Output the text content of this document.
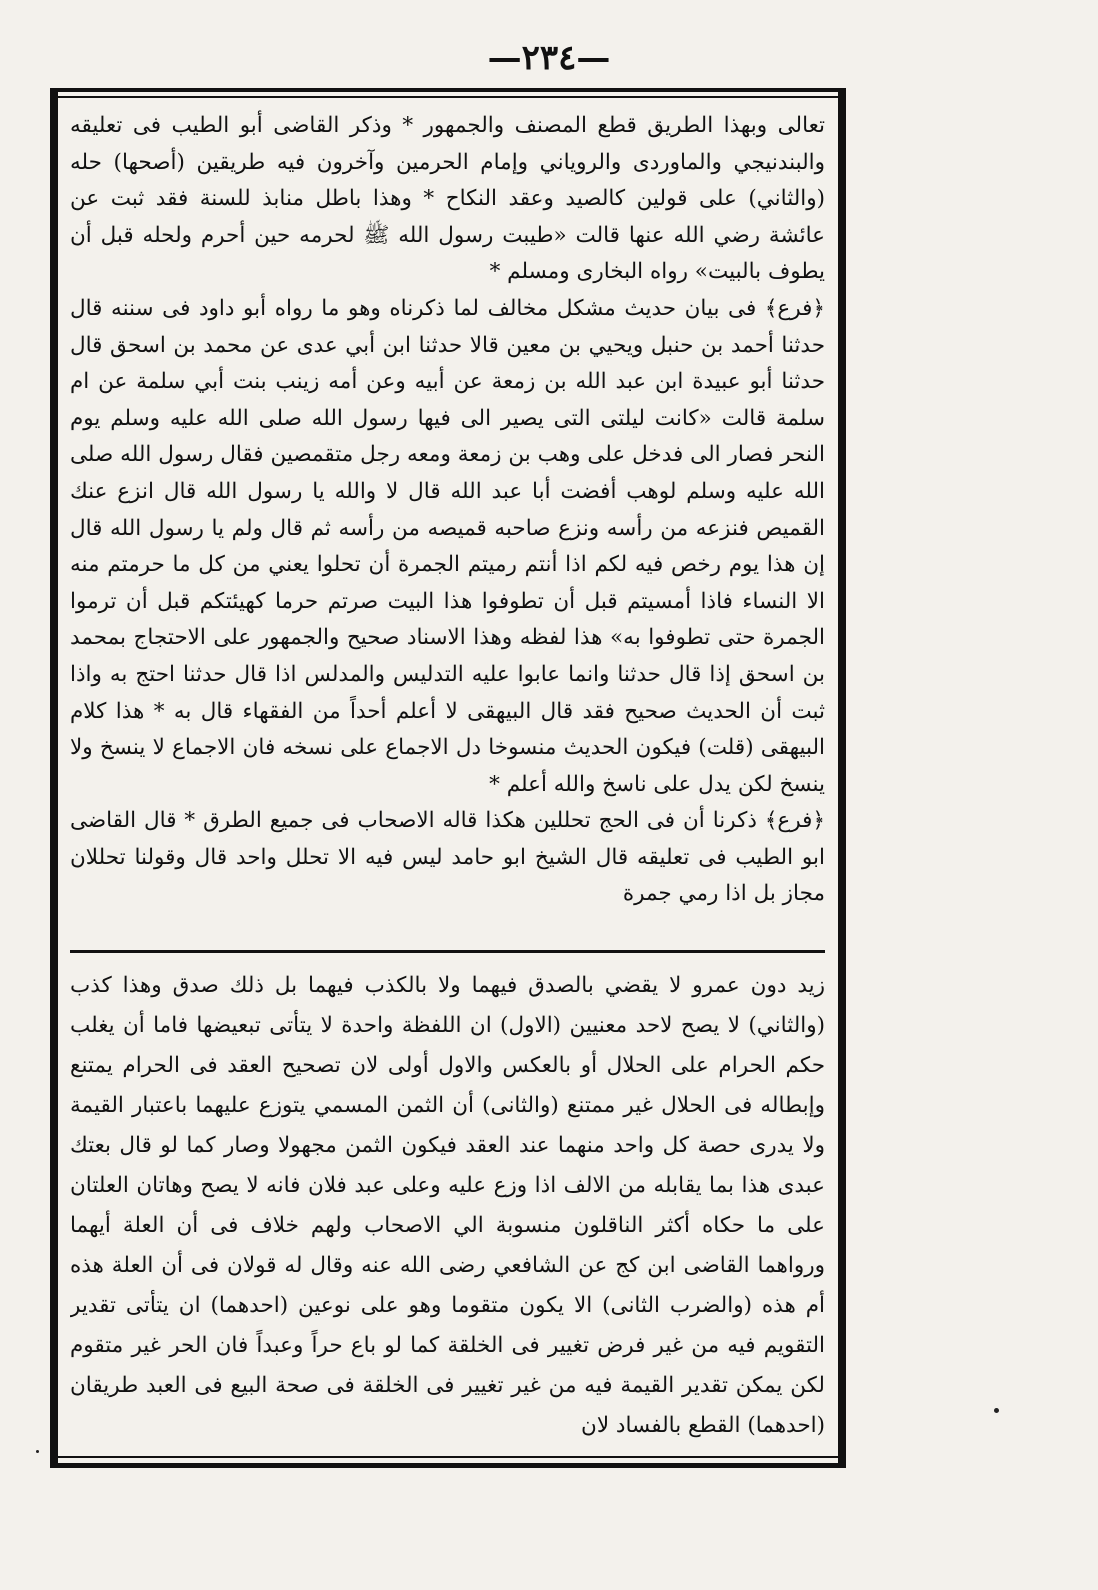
—٢٣٤—

تعالى وبهذا الطريق قطع المصنف والجمهور * وذكر القاضى أبو الطيب فى تعليقه والبندنيجي والماوردى والروياني وإمام الحرمين وآخرون فيه طريقين (أصحها) حله (والثاني) على قولين كالصيد وعقد النكاح * وهذا باطل منابذ للسنة فقد ثبت عن عائشة رضي الله عنها قالت «طيبت رسول الله ﷺ لحرمه حين أحرم ولحله قبل أن يطوف بالبيت» رواه البخارى ومسلم *

﴿فرع﴾ فى بيان حديث مشكل مخالف لما ذكرناه وهو ما رواه أبو داود فى سننه قال حدثنا أحمد بن حنبل ويحيي بن معين قالا حدثنا ابن أبي عدى عن محمد بن اسحق قال حدثنا أبو عبيدة ابن عبد الله بن زمعة عن أبيه وعن أمه زينب بنت أبي سلمة عن ام سلمة قالت «كانت ليلتى التى يصير الى فيها رسول الله صلى الله عليه وسلم يوم النحر فصار الى فدخل على وهب بن زمعة ومعه رجل متقمصين فقال رسول الله صلى الله عليه وسلم لوهب أفضت أبا عبد الله قال لا والله يا رسول الله قال انزع عنك القميص فنزعه من رأسه ونزع صاحبه قميصه من رأسه ثم قال ولم يا رسول الله قال إن هذا يوم رخص فيه لكم اذا أنتم رميتم الجمرة أن تحلوا يعني من كل ما حرمتم منه الا النساء فاذا أمسيتم قبل أن تطوفوا هذا البيت صرتم حرما كهيئتكم قبل أن ترموا الجمرة حتى تطوفوا به» هذا لفظه وهذا الاسناد صحيح والجمهور على الاحتجاج بمحمد بن اسحق إذا قال حدثنا وانما عابوا عليه التدليس والمدلس اذا قال حدثنا احتج به واذا ثبت أن الحديث صحيح فقد قال البيهقى لا أعلم أحداً من الفقهاء قال به * هذا كلام البيهقى (قلت) فيكون الحديث منسوخا دل الاجماع على نسخه فان الاجماع لا ينسخ ولا ينسخ لكن يدل على ناسخ والله أعلم *

﴿فرع﴾ ذكرنا أن فى الحج تحللين هكذا قاله الاصحاب فى جميع الطرق * قال القاضى ابو الطيب فى تعليقه قال الشيخ ابو حامد ليس فيه الا تحلل واحد قال وقولنا تحللان مجاز بل اذا رمي جمرة

زيد دون عمرو لا يقضي بالصدق فيهما ولا بالكذب فيهما بل ذلك صدق وهذا كذب (والثاني) لا يصح لاحد معنيين (الاول) ان اللفظة واحدة لا يتأتى تبعيضها فاما أن يغلب حكم الحرام على الحلال أو بالعكس والاول أولى لان تصحيح العقد فى الحرام يمتنع وإبطاله فى الحلال غير ممتنع (والثانى) أن الثمن المسمي يتوزع عليهما باعتبار القيمة ولا يدرى حصة كل واحد منهما عند العقد فيكون الثمن مجهولا وصار كما لو قال بعتك عبدى هذا بما يقابله من الالف اذا وزع عليه وعلى عبد فلان فانه لا يصح وهاتان العلتان على ما حكاه أكثر الناقلون منسوبة الي الاصحاب ولهم خلاف فى أن العلة أيهما ورواهما القاضى ابن كج عن الشافعي رضى الله عنه وقال له قولان فى أن العلة هذه أم هذه (والضرب الثانى) الا يكون متقوما وهو على نوعين (احدهما) ان يتأتى تقدير التقويم فيه من غير فرض تغيير فى الخلقة كما لو باع حراً وعبداً فان الحر غير متقوم لكن يمكن تقدير القيمة فيه من غير تغيير فى الخلقة فى صحة البيع فى العبد طريقان (احدهما) القطع بالفساد لان
